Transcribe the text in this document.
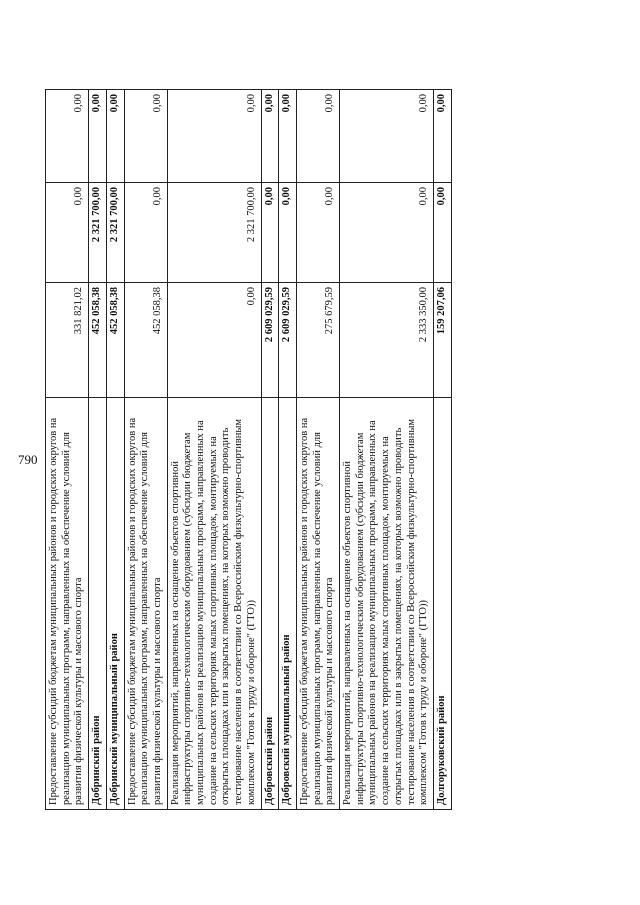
790 Предоставление субсидий бюджетам муниципальных районов и городских округов на реализацию муниципальных программ, направленных на обеспечение условий для развития физической культуры и массового спорта	331 821,02	0,00	0,00
Добринский район	452 058,38	2 321 700,00	0,00
Добринский муниципальный район	452 058,38	2 321 700,00	0,00
Предоставление субсидий бюджетам муниципальных районов и городских округов на реализацию муниципальных программ, направленных на обеспечение условий для развития физической культуры и массового спорта	452 058,38	0,00	0,00
Реализация мероприятий, направленных на оснащение объектов спортивной инфраструктуры спортивно-технологическим оборудованием (субсидии бюджетам муниципальных районов на реализацию муниципальных программ, направленных на создание на сельских территориях малых спортивных площадок, монтируемых на открытых площадках или в закрытых помещениях, на которых возможно проводить тестирование населения в соответствии со Всероссийским физкультурно-спортивным комплексом "Готов к труду и обороне" (ГТО))	0,00	2 321 700,00	0,00
Добровский район	2 609 029,59	0,00	0,00
Добровский муниципальный район	2 609 029,59	0,00	0,00
Предоставление субсидий бюджетам муниципальных районов и городских округов на реализацию муниципальных программ, направленных на обеспечение условий для развития физической культуры и массового спорта	275 679,59	0,00	0,00
Реализация мероприятий, направленных на оснащение объектов спортивной инфраструктуры спортивно-технологическим оборудованием (субсидии бюджетам муниципальных районов на реализацию муниципальных программ, направленных на создание на сельских территориях малых спортивных площадок, монтируемых на открытых площадках или в закрытых помещениях, на которых возможно проводить тестирование населения в соответствии со Всероссийским физкультурно-спортивным комплексом "Готов к труду и обороне" (ГТО))	2 333 350,00	0,00	0,00
Долгоруковский район	159 207,06	0,00	0,00
